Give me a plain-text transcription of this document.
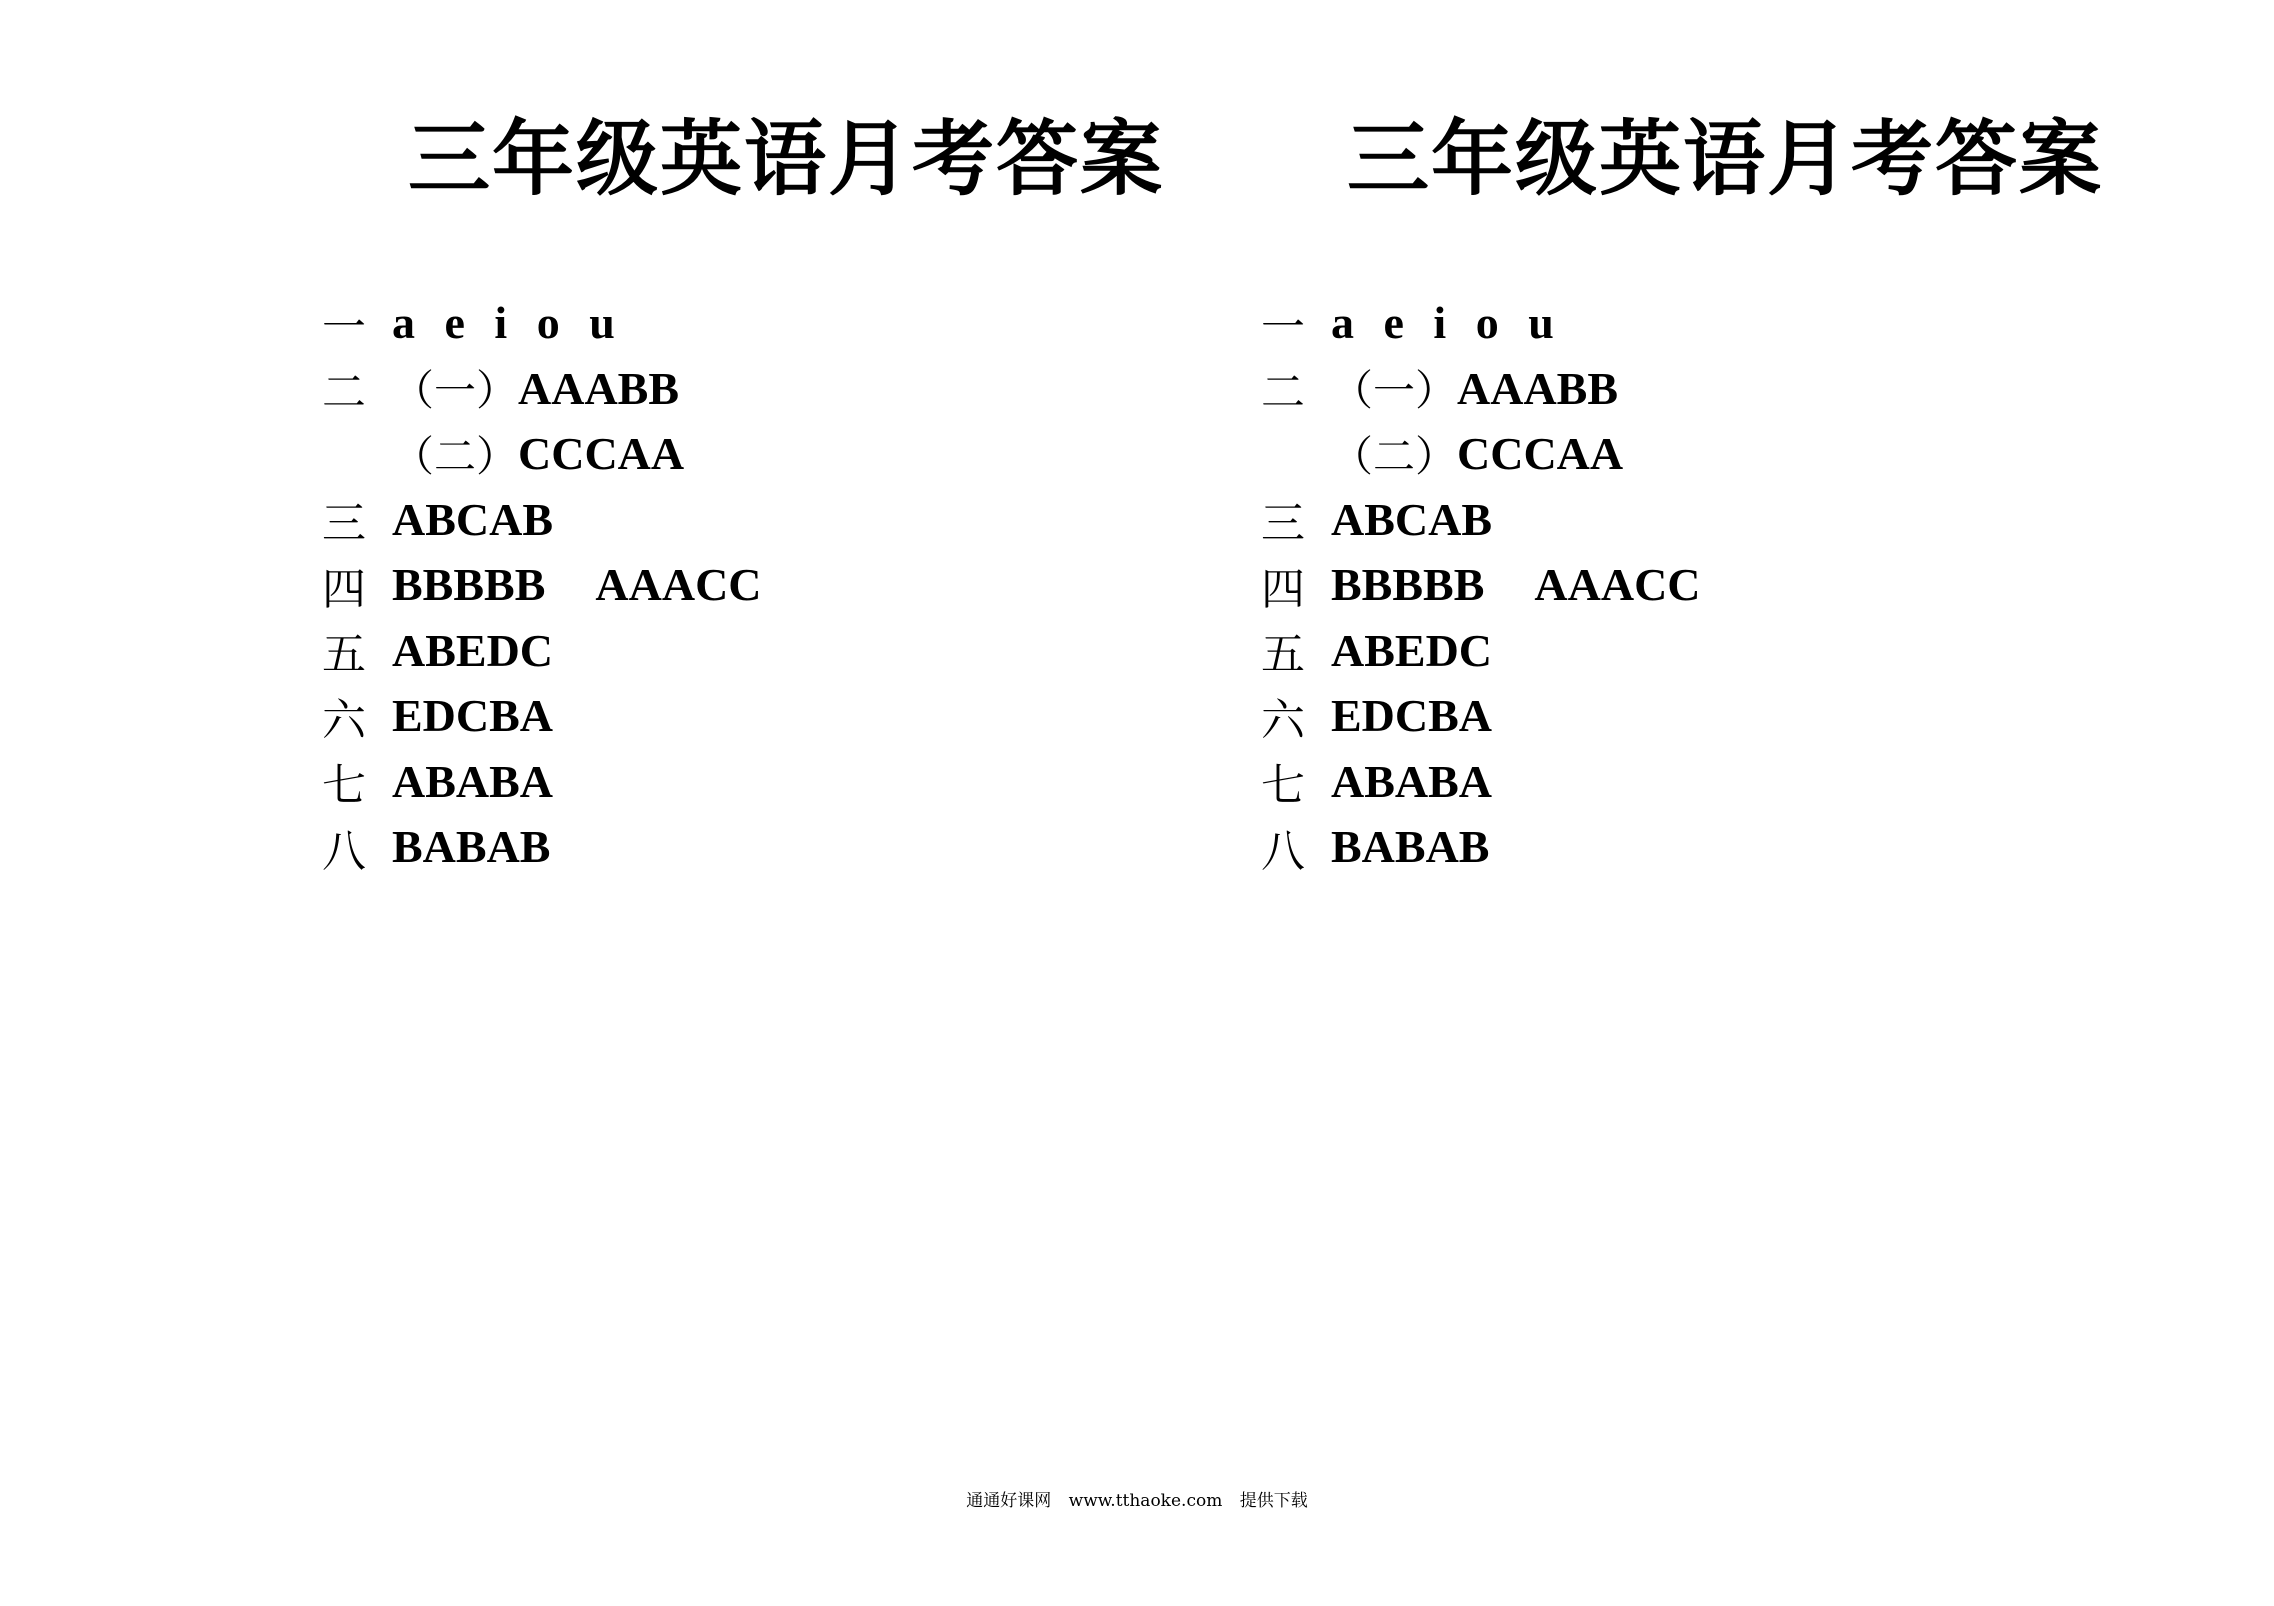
三年级英语月考答案
一 a e i o u
二 （一） AAABB
（二） CCCAA
三 ABCAB
四 BBBBB AAACC
五 ABEDC
六 EDCBA
七 ABABA
八 BABAB
三年级英语月考答案
一 a e i o u
二 （一） AAABB
（二） CCCAA
三 ABCAB
四 BBBBB AAACC
五 ABEDC
六 EDCBA
七 ABABA
八 BABAB
通通好课网 www.tthaoke.com 提供下载
